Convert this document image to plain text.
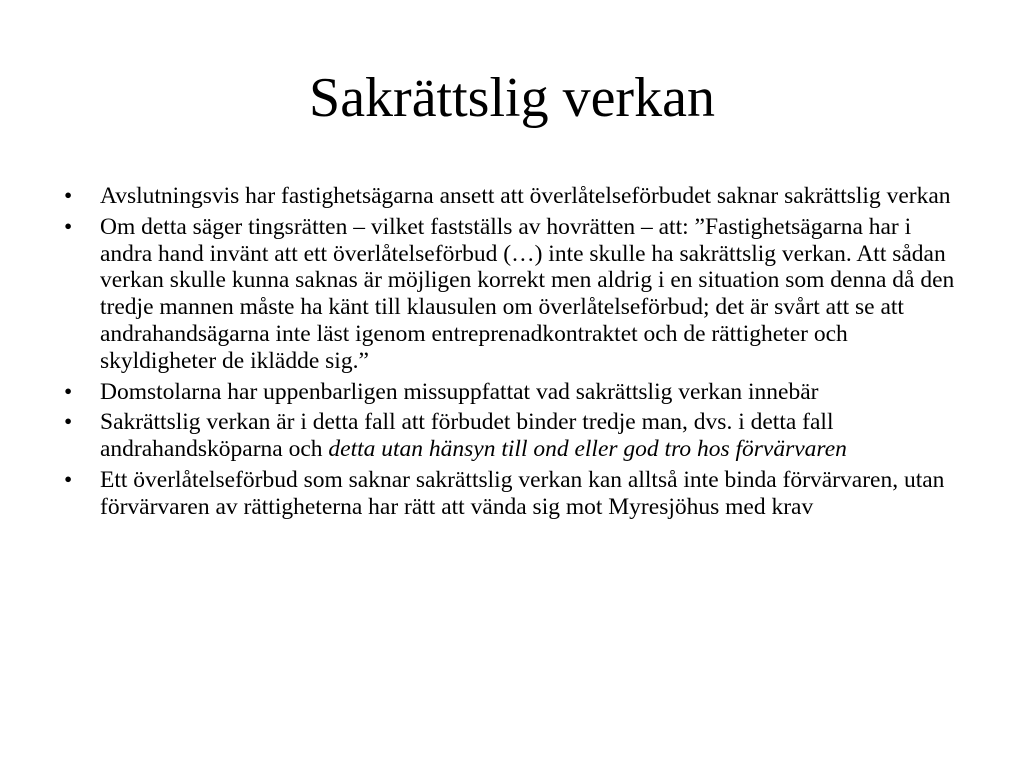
Sakrättslig verkan
•	Avslutningsvis har fastighetsägarna ansett att överlåtelseförbudet saknar sakrättslig verkan
•	Om detta säger tingsrätten – vilket fastställs av hovrätten – att: ”Fastighetsägarna har i andra hand invänt att ett överlåtelseförbud (…) inte skulle ha sakrättslig verkan. Att sådan verkan skulle kunna saknas är möjligen korrekt men aldrig i en situation som denna då den tredje mannen måste ha känt till klausulen om överlåtelseförbud; det är svårt att se att andrahandsägarna inte läst igenom entreprenadkontraktet och de rättigheter och skyldigheter de iklädde sig.”
•	Domstolarna har uppenbarligen missuppfattat vad sakrättslig verkan innebär
•	Sakrättslig verkan är i detta fall att förbudet binder tredje man, dvs. i detta fall andrahandsköparna och detta utan hänsyn till ond eller god tro hos förvärvaren
•	Ett överlåtelseförbud som saknar sakrättslig verkan kan alltså inte binda förvärvaren, utan förvärvaren av rättigheterna har rätt att vända sig mot Myresjöhus med krav
